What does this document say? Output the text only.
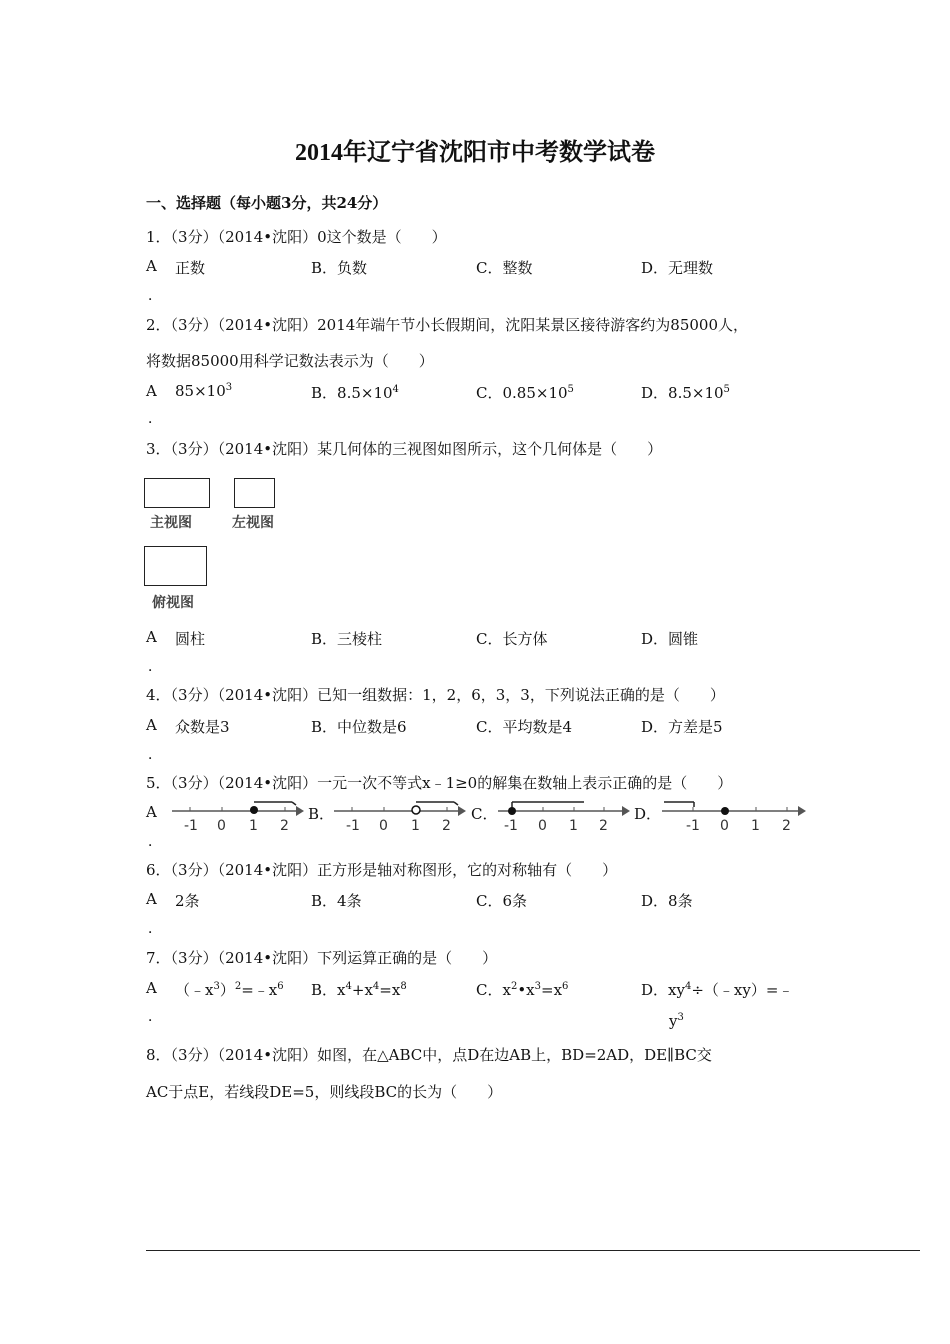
2014年辽宁省沈阳市中考数学试卷
一、选择题（每小题3分，共24分）
1．（3分）（2014•沈阳）0这个数是（　　）
A 正数	B．负数	C．整数	D．无理数
．
2．（3分）（2014•沈阳）2014年端午节小长假期间，沈阳某景区接待游客约为85000人，
将数据85000用科学记数法表示为（　　）
A $85\times 10^3$	B．$8.5\times 10^4$	C．$0.85\times 10^5$	D．$8.5\times 10^5$
．
3．（3分）（2014•沈阳）某几何体的三视图如图所示，这个几何体是（　　）
主视图	左视图
俯视图
A 圆柱	B．三棱柱	C．长方体	D．圆锥
．
4．（3分）（2014•沈阳）已知一组数据：1，2，6，3，3，下列说法正确的是（　　）
A 众数是3	B．中位数是6	C．平均数是4	D．方差是5
．
5．（3分）（2014•沈阳）一元一次不等式x﹣1≥0的解集在数轴上表示正确的是（　　）
A	B．	C．	D．
-1 0 1 2	-1 0 1 2	-1 0 1 2	-1 0 1 2
．
6．（3分）（2014•沈阳）正方形是轴对称图形，它的对称轴有（　　）
A 2条	B．4条	C．6条	D．8条
．
7．（3分）（2014•沈阳）下列运算正确的是（　　）
A $(﹣x^3)^2=﹣x^6$ B．$x^4+x^4=x^8$	C．$x^2•x^3=x^6$	D．$xy^4\div(﹣xy)=﹣$
$y^3$
．
8．（3分）（2014•沈阳）如图，在△ABC中，点D在边AB上，BD=2AD，DE∥BC交
AC于点E，若线段DE=5，则线段BC的长为（　　）
